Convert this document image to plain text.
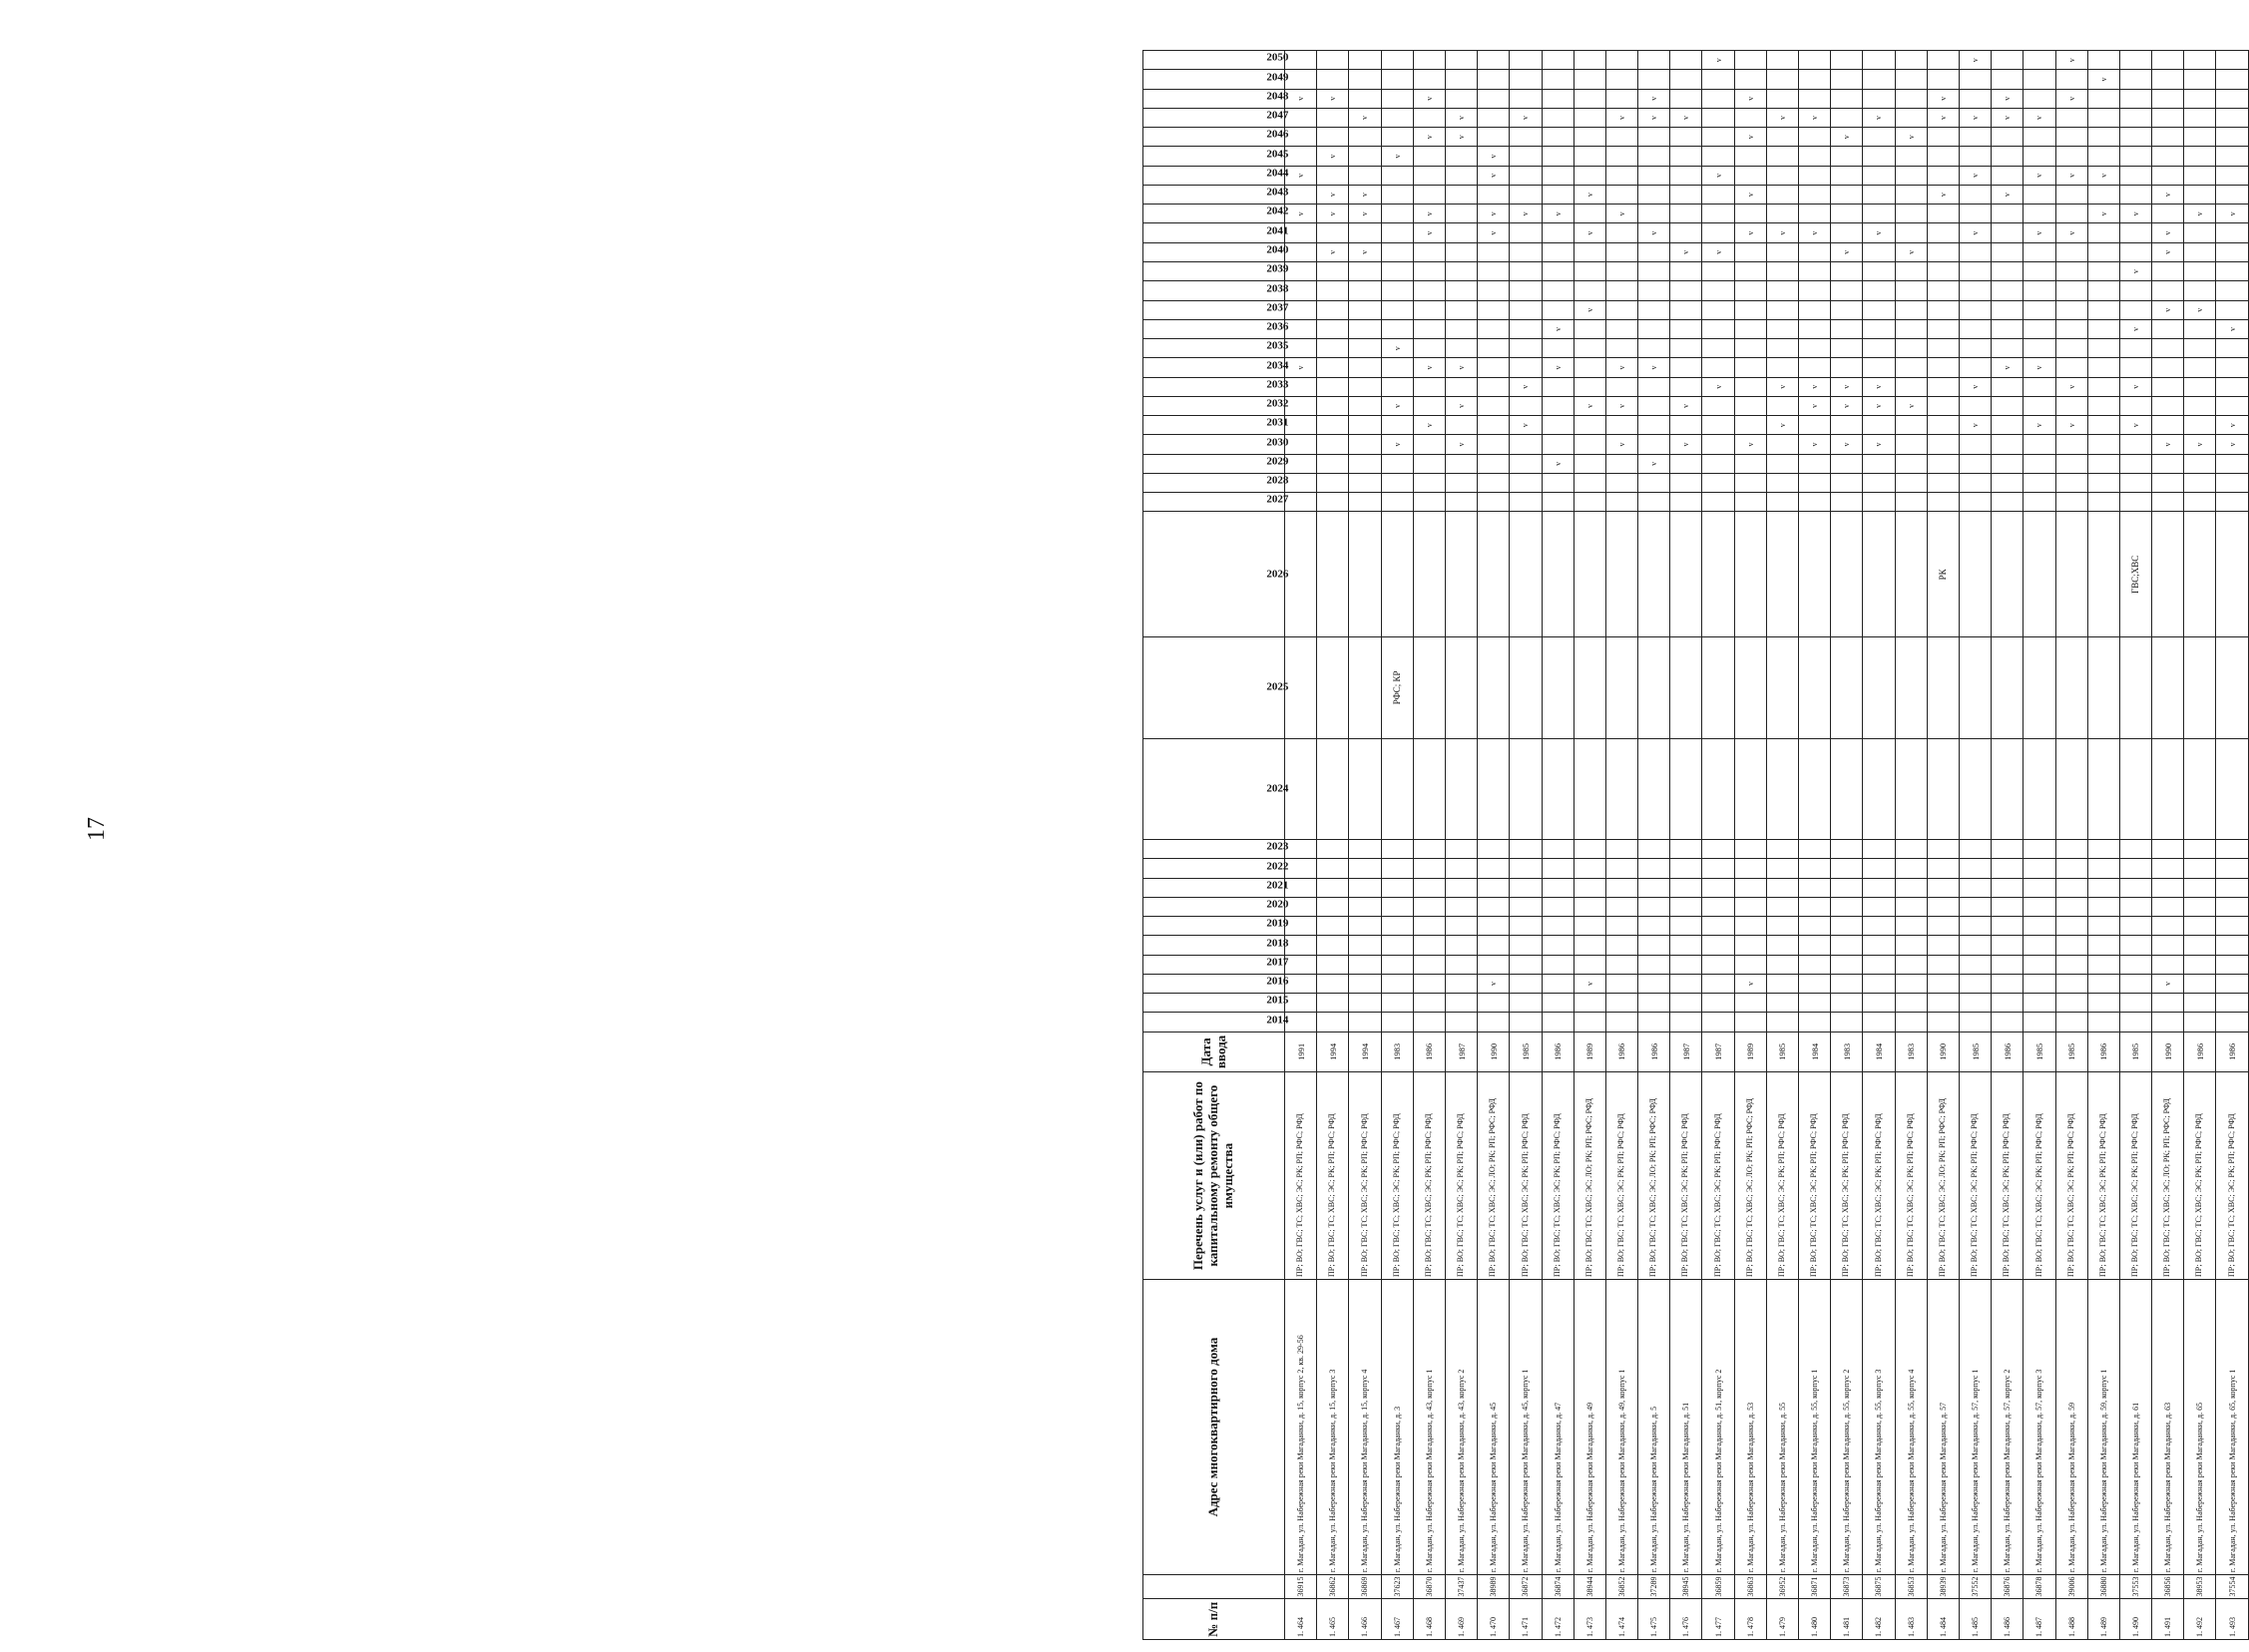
17
№ п/п		Адрес многоквартирного дома	Перечень услуг и (или) работ по капитальному ремонту общего имущества	Дата ввода	2014	2015	2016	2017	2018	2019	2020	2021	2022	2023	2024	2025	2026	2027	2028	2029	2030	2031	2032	2033	2034	2035	2036	2037	2038	2039	2040	2041	2042	2043	2044	2045	2046	2047	2048	2049	2050
1. 464	36915	г. Магадан, ул. Набережная реки Магаданки, д. 15, корпус 2, кв. 29-56	ПР; ВО; ГВС; ТС; ХВС; ЭС; РК; РП; РФС; РФД	1991																					v								v		v				v		
1. 465	36862	г. Магадан, ул. Набережная реки Магаданки, д. 15, корпус 3	ПР; ВО; ГВС; ТС; ХВС; ЭС; РК; РП; РФС; РФД	1994																											v		v	v		v			v		
1. 466	36869	г. Магадан, ул. Набережная реки Магаданки, д. 15, корпус 4	ПР; ВО; ГВС; ТС; ХВС; ЭС; РК; РП; РФС; РФД	1994																											v		v	v				v			
1. 467	37623	г. Магадан, ул. Набережная реки Магаданки, д. 3	ПР; ВО; ГВС; ТС; ХВС; ЭС; РК; РП; РФС; РФД	1983												РФС; КР					v		v			v										v					
1. 468	36870	г. Магадан, ул. Набережная реки Магаданки, д. 43, корпус 1	ПР; ВО; ГВС; ТС; ХВС; ЭС; РК; РП; РФС; РФД	1986																		v			v							v	v				v		v		
1. 469	37437	г. Магадан, ул. Набережная реки Магаданки, д. 43, корпус 2	ПР; ВО; ГВС; ТС; ХВС; ЭС; РК; РП; РФС; РФД	1987																	v		v		v												v	v			
1. 470	38989	г. Магадан, ул. Набережная реки Магаданки, д. 45	ПР; ВО; ГВС; ТС; ХВС; ЭС; ЛО; РК; РП; РФС; РФД	1990			v																									v	v		v	v					
1. 471	36872	г. Магадан, ул. Набережная реки Магаданки, д. 45, корпус 1	ПР; ВО; ГВС; ТС; ХВС; ЭС; РК; РП; РФС; РФД	1985																		v		v									v					v			
1. 472	36874	г. Магадан, ул. Набережная реки Магаданки, д. 47	ПР; ВО; ГВС; ТС; ХВС; ЭС; РК; РП; РФС; РФД	1986																v					v		v						v								
1. 473	38944	г. Магадан, ул. Набережная реки Магаданки, д. 49	ПР; ВО; ГВС; ТС; ХВС; ЭС; ЛО; РК; РП; РФС; РФД	1989			v																v					v				v		v							
1. 474	36852	г. Магадан, ул. Набережная реки Магаданки, д. 49, корпус 1	ПР; ВО; ГВС; ТС; ХВС; ЭС; РК; РП; РФС; РФД	1986																	v		v		v								v					v			
1. 475	37289	г. Магадан, ул. Набережная реки Магаданки, д. 5	ПР; ВО; ГВС; ТС; ХВС; ЭС; ЛО; РК; РП; РФС; РФД	1986																v					v							v						v	v		
1. 476	38945	г. Магадан, ул. Набережная реки Магаданки, д. 51	ПР; ВО; ГВС; ТС; ХВС; ЭС; РК; РП; РФС; РФД	1987																	v		v								v							v			
1. 477	36859	г. Магадан, ул. Набережная реки Магаданки, д. 51, корпус 2	ПР; ВО; ГВС; ТС; ХВС; ЭС; РК; РП; РФС; РФД	1987																				v							v				v						v
1. 478	36863	г. Магадан, ул. Набережная реки Магаданки, д. 53	ПР; ВО; ГВС; ТС; ХВС; ЭС; ЛО; РК; РП; РФС; РФД	1989			v														v											v		v			v		v		
1. 479	36952	г. Магадан, ул. Набережная реки Магаданки, д. 55	ПР; ВО; ГВС; ТС; ХВС; ЭС; РК; РП; РФС; РФД	1985																		v		v								v						v			
1. 480	36871	г. Магадан, ул. Набережная реки Магаданки, д. 55, корпус 1	ПР; ВО; ГВС; ТС; ХВС; ЭС; РК; РП; РФС; РФД	1984																	v		v	v								v						v			
1. 481	36873	г. Магадан, ул. Набережная реки Магаданки, д. 55, корпус 2	ПР; ВО; ГВС; ТС; ХВС; ЭС; РК; РП; РФС; РФД	1983																	v		v	v							v						v				
1. 482	36875	г. Магадан, ул. Набережная реки Магаданки, д. 55, корпус 3	ПР; ВО; ГВС; ТС; ХВС; ЭС; РК; РП; РФС; РФД	1984																	v		v	v								v						v			
1. 483	36853	г. Магадан, ул. Набережная реки Магаданки, д. 55, корпус 4	ПР; ВО; ГВС; ТС; ХВС; ЭС; РК; РП; РФС; РФД	1983																			v								v						v				
1. 484	38939	г. Магадан, ул. Набережная реки Магаданки, д. 57	ПР; ВО; ГВС; ТС; ХВС; ЭС; ЛО; РК; РП; РФС; РФД	1990													РК																	v				v	v		
1. 485	37552	г. Магадан, ул. Набережная реки Магаданки, д. 57, корпус 1	ПР; ВО; ГВС; ТС; ХВС; ЭС; РК; РП; РФС; РФД	1985																		v		v								v			v			v			v
1. 486	36876	г. Магадан, ул. Набережная реки Магаданки, д. 57, корпус 2	ПР; ВО; ГВС; ТС; ХВС; ЭС; РК; РП; РФС; РФД	1986																					v									v				v	v		
1. 487	36878	г. Магадан, ул. Набережная реки Магаданки, д. 57, корпус 3	ПР; ВО; ГВС; ТС; ХВС; ЭС; РК; РП; РФС; РФД	1985																		v			v							v			v			v			
1. 488	39006	г. Магадан, ул. Набережная реки Магаданки, д. 59	ПР; ВО; ГВС; ТС; ХВС; ЭС; РК; РП; РФС; РФД	1985																		v		v								v			v				v		v
1. 489	36880	г. Магадан, ул. Набережная реки Магаданки, д. 59, корпус 1	ПР; ВО; ГВС; ТС; ХВС; ЭС; РК; РП; РФС; РФД	1986																													v		v					v	
1. 490	37553	г. Магадан, ул. Набережная реки Магаданки, д. 61	ПР; ВО; ГВС; ТС; ХВС; ЭС; РК; РП; РФС; РФД	1985													ГВС;ХВС					v		v			v			v			v								
1. 491	36856	г. Магадан, ул. Набережная реки Магаданки, д. 63	ПР; ВО; ГВС; ТС; ХВС; ЭС; ЛО; РК; РП; РФС; РФД	1990			v														v							v			v	v		v							
1. 492	38953	г. Магадан, ул. Набережная реки Магаданки, д. 65	ПР; ВО; ГВС; ТС; ХВС; ЭС; РК; РП; РФС; РФД	1986																	v							v					v								
1. 493	37554	г. Магадан, ул. Набережная реки Магаданки, д. 65, корпус 1	ПР; ВО; ГВС; ТС; ХВС; ЭС; РК; РП; РФС; РФД	1986																	v	v					v						v								
